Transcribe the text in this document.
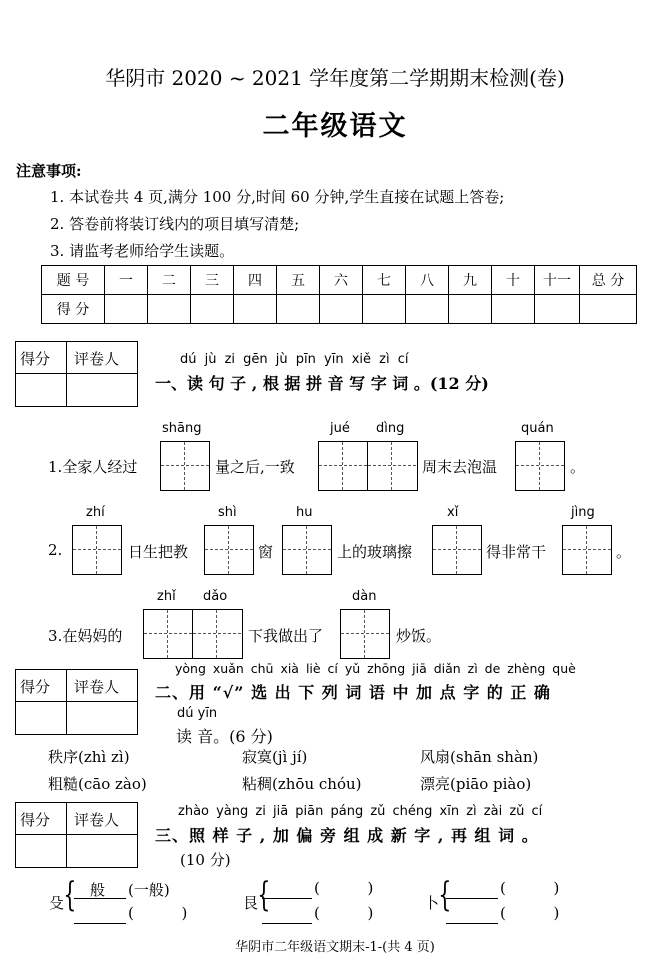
华阴市 2020 ~ 2021 学年度第二学期期末检测(卷)
二年级语文
注意事项:
1. 本试卷共 4 页,满分 100 分,时间 60 分钟,学生直接在试题上答卷;
2. 答卷前将装订线内的项目填写清楚;
3. 请监考老师给学生读题。
题 号	一	二	三	四	五	六	七	八	九	十	十一	总 分
得 分												
得分 评卷人	dú jù zi gēn jù pīn yīn xiě zì cí
一、读 句 子 , 根 据 拼 音 写 字 词 。(12 分)
shāng	jué dìng	quán
1.全家人经过	量之后,一致	周末去泡温	。
zhí	shì	hu	xǐ	jìng
2.	日生把教	窗	上的玻璃擦	得非常干	。
zhǐ dǎo	dàn
3.在妈妈的	下我做出了	炒饭。
得分 评卷人
yòng xuǎn chū xià liè cí yǔ zhōng jiā diǎn zì de zhèng què
二、用 “√” 选 出 下 列 词 语 中 加 点 字 的 正 确
dú yīn
读 音。(6 分)
秩序(zhì zì)	寂寞(jì jí)	风扇(shān shàn)
粗糙(cāo zào)	粘稠(zhōu chóu)	漂亮(piāo piào)
得分 评卷人	zhào yàng zi jiā piān páng zǔ chéng xīn zì zài zǔ cí
三、照 样 子 , 加 偏 旁 组 成 新 字 , 再 组 词 。
(10 分)
殳 { 般 (一般)
(          )
艮 {	(          )
(          )
卜 {	(          )
(          )
华阴市二年级语文期末-1-(共 4 页)
